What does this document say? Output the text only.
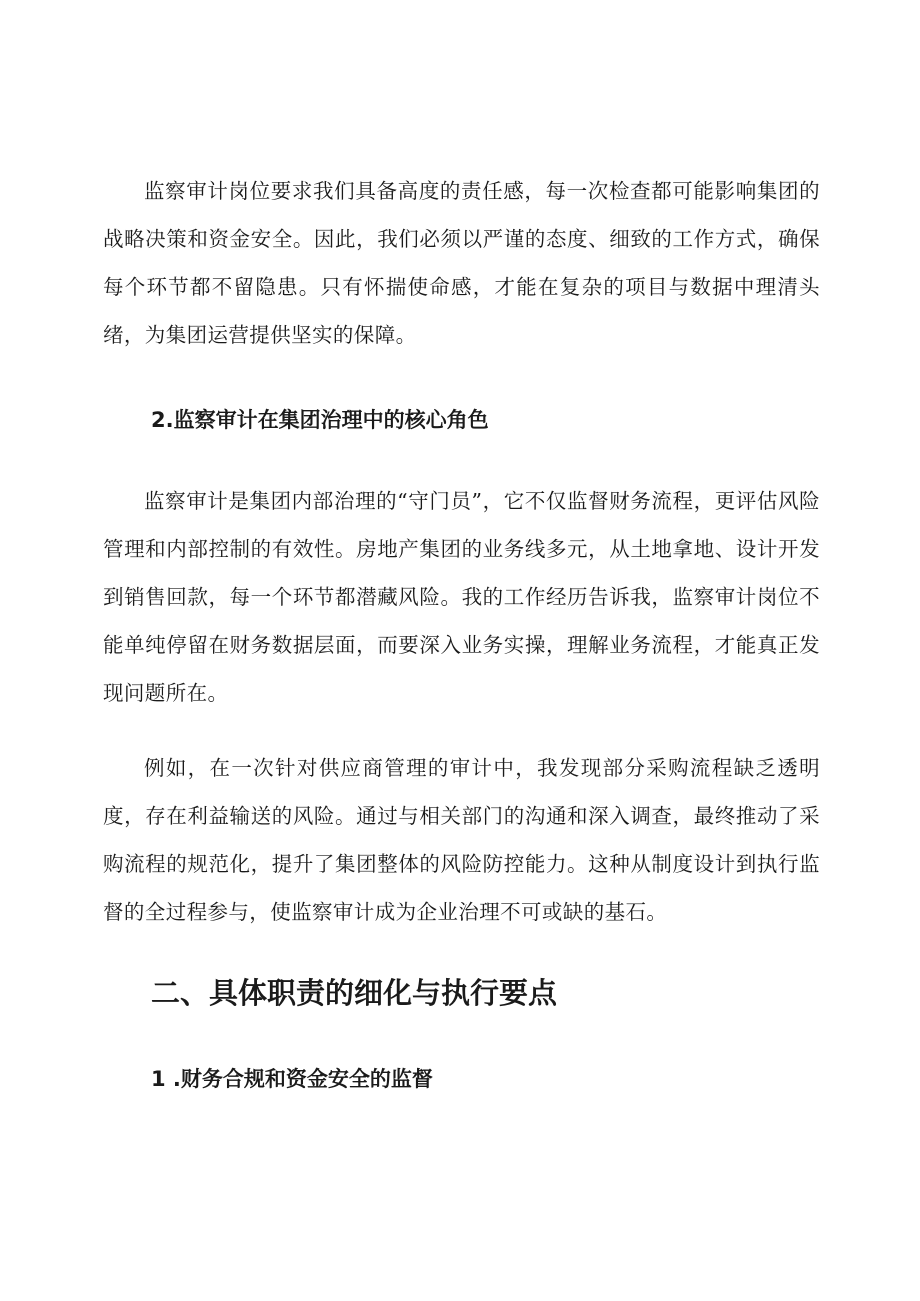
监察审计岗位要求我们具备高度的责任感，每一次检查都可能影响集团的战略决策和资金安全。因此，我们必须以严谨的态度、细致的工作方式，确保每个环节都不留隐患。只有怀揣使命感，才能在复杂的项目与数据中理清头绪，为集团运营提供坚实的保障。

2.监察审计在集团治理中的核心角色

监察审计是集团内部治理的“守门员”，它不仅监督财务流程，更评估风险管理和内部控制的有效性。房地产集团的业务线多元，从土地拿地、设计开发到销售回款，每一个环节都潜藏风险。我的工作经历告诉我，监察审计岗位不能单纯停留在财务数据层面，而要深入业务实操，理解业务流程，才能真正发现问题所在。

例如，在一次针对供应商管理的审计中，我发现部分采购流程缺乏透明度，存在利益输送的风险。通过与相关部门的沟通和深入调查，最终推动了采购流程的规范化，提升了集团整体的风险防控能力。这种从制度设计到执行监督的全过程参与，使监察审计成为企业治理不可或缺的基石。

二、具体职责的细化与执行要点
1 .财务合规和资金安全的监督
